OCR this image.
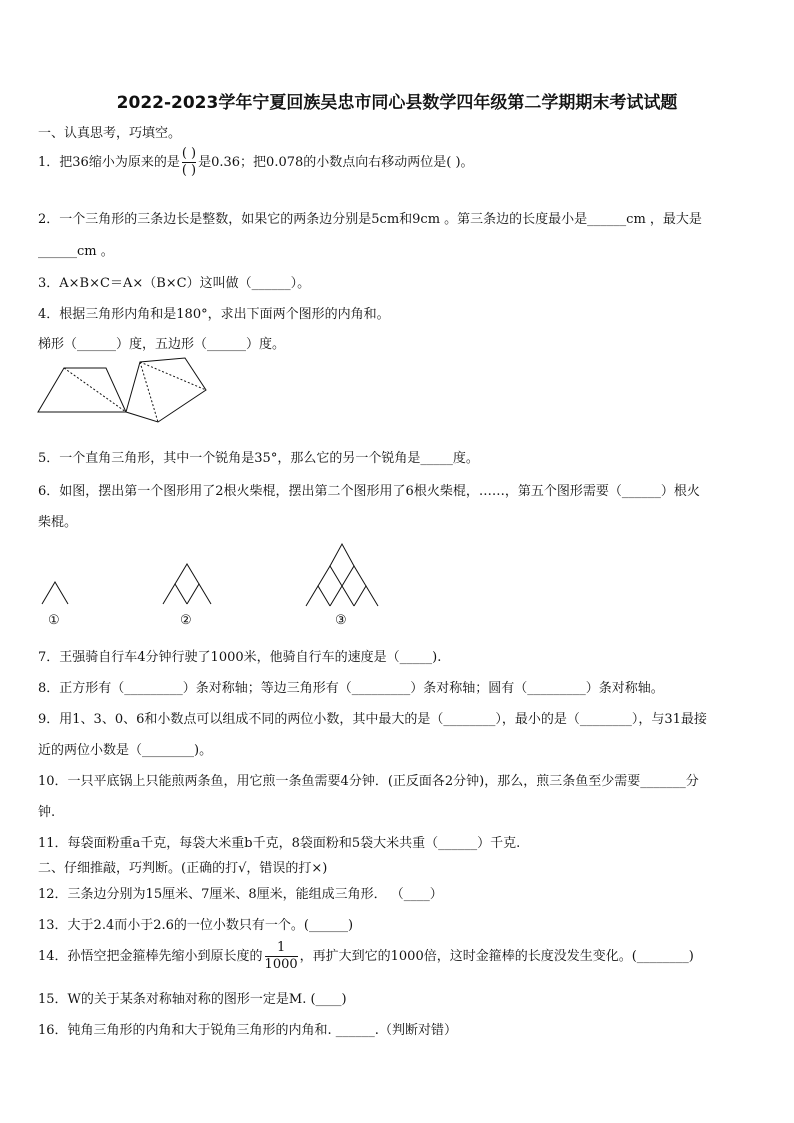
2022-2023学年宁夏回族吴忠市同心县数学四年级第二学期期末考试试题
一、认真思考，巧填空。
1．把36缩小为原来的是 $\frac{( )}{( )}$ 是0.36；把0.078的小数点向右移动两位是( )。
2．一个三角形的三条边长是整数，如果它的两条边分别是5cm和9cm 。第三条边的长度最小是______cm ，最大是
______cm 。
3．A×B×C＝A×（B×C）这叫做（______）。
4．根据三角形内角和是180°，求出下面两个图形的内角和。
梯形（______）度，五边形（______）度。
5．一个直角三角形，其中一个锐角是35°，那么它的另一个锐角是_____度。
6．如图，摆出第一个图形用了2根火柴棍，摆出第二个图形用了6根火柴棍，……，第五个图形需要（______）根火
柴棍。
①	②	③
7．王强骑自行车4分钟行驶了1000米，他骑自行车的速度是（_____).
8．正方形有（_________）条对称轴；等边三角形有（_________）条对称轴；圆有（_________）条对称轴。
9．用1、3、0、6和小数点可以组成不同的两位小数，其中最大的是（________），最小的是（________），与31最接
近的两位小数是（________)。
10．一只平底锅上只能煎两条鱼，用它煎一条鱼需要4分钟．(正反面各2分钟)，那么，煎三条鱼至少需要_______分
钟.
11．每袋面粉重a千克，每袋大米重b千克，8袋面粉和5袋大米共重（______）千克.
二、仔细推敲，巧判断。(正确的打√，错误的打×)
12．三条边分别为15厘米、7厘米、8厘米，能组成三角形． （____）
13．大于2.4而小于2.6的一位小数只有一个。(______)
14．孙悟空把金箍棒先缩小到原长度的 $\frac{1}{1000}$ ，再扩大到它的1000倍，这时金箍棒的长度没发生变化。(________)
15．W的关于某条对称轴对称的图形一定是M. (____)
16．钝角三角形的内角和大于锐角三角形的内角和. ______.（判断对错）
